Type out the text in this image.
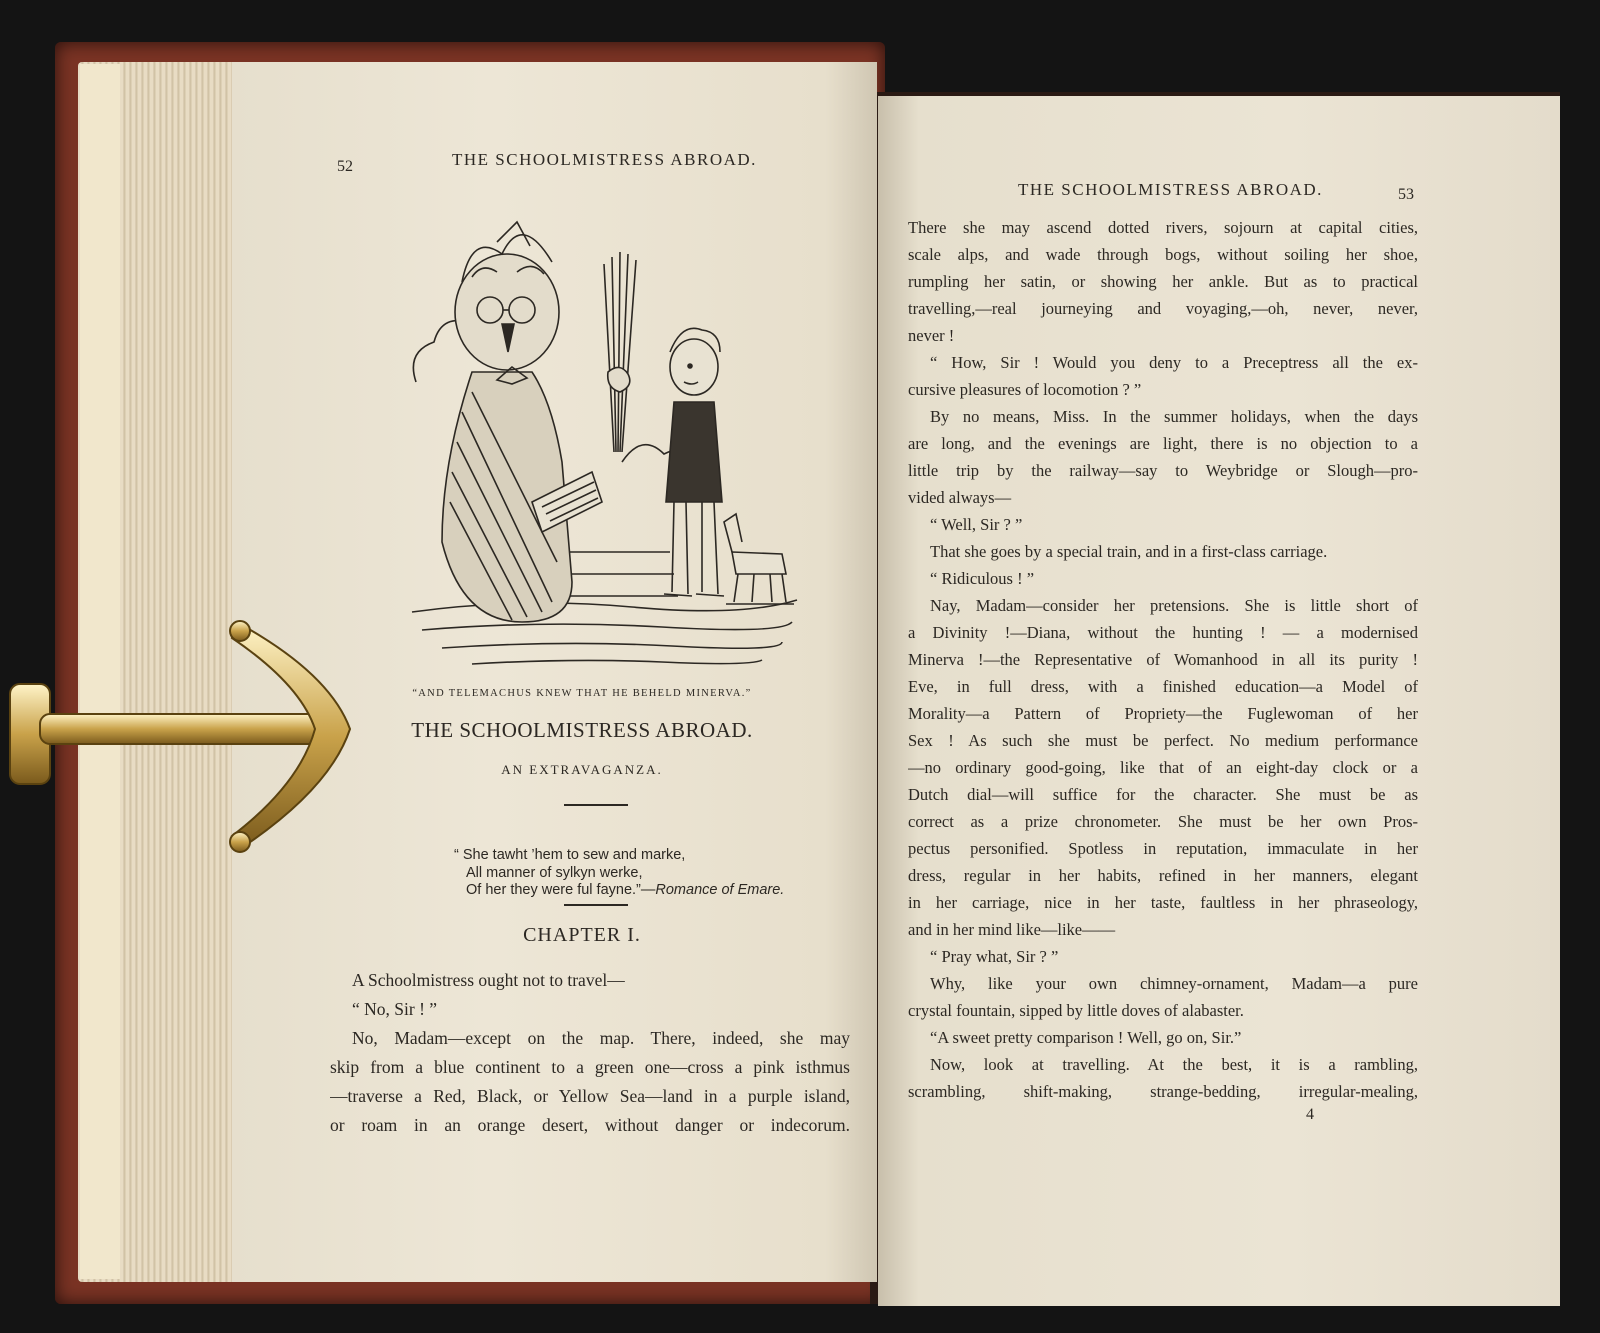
52	THE SCHOOLMISTRESS ABROAD.
“AND TELEMACHUS KNEW THAT HE BEHELD MINERVA.”
THE SCHOOLMISTRESS ABROAD.
AN EXTRAVAGANZA.
“ She tawht ’hem to sew and marke,
All manner of sylkyn werke,
Of her they were ful fayne.”—Romance of Emare.
CHAPTER I.
A Schoolmistress ought not to travel—
“ No, Sir ! ”
No, Madam—except on the map. There, indeed, she may
skip from a blue continent to a green one—cross a pink isthmus
—traverse a Red, Black, or Yellow Sea—land in a purple island,
or roam in an orange desert, without danger or indecorum.
THE SCHOOLMISTRESS ABROAD.	53
There she may ascend dotted rivers, sojourn at capital cities,
scale alps, and wade through bogs, without soiling her shoe,
rumpling her satin, or showing her ankle. But as to practical
travelling,—real journeying and voyaging,—oh, never, never,
never !
“ How, Sir ! Would you deny to a Preceptress all the ex-
cursive pleasures of locomotion ? ”
By no means, Miss. In the summer holidays, when the days
are long, and the evenings are light, there is no objection to a
little trip by the railway—say to Weybridge or Slough—pro-
vided always—
“ Well, Sir ? ”
That she goes by a special train, and in a first-class carriage.
“ Ridiculous ! ”
Nay, Madam—consider her pretensions. She is little short of
a Divinity !—Diana, without the hunting ! — a modernised
Minerva !—the Representative of Womanhood in all its purity !
Eve, in full dress, with a finished education—a Model of
Morality—a Pattern of Propriety—the Fuglewoman of her
Sex ! As such she must be perfect. No medium performance
—no ordinary good-going, like that of an eight-day clock or a
Dutch dial—will suffice for the character. She must be as
correct as a prize chronometer. She must be her own Pros-
pectus personified. Spotless in reputation, immaculate in her
dress, regular in her habits, refined in her manners, elegant
in her carriage, nice in her taste, faultless in her phraseology,
and in her mind like—like——
“ Pray what, Sir ? ”
Why, like your own chimney-ornament, Madam—a pure
crystal fountain, sipped by little doves of alabaster.
“A sweet pretty comparison ! Well, go on, Sir.”
Now, look at travelling. At the best, it is a rambling,
scrambling, shift-making, strange-bedding, irregular-mealing,
4
